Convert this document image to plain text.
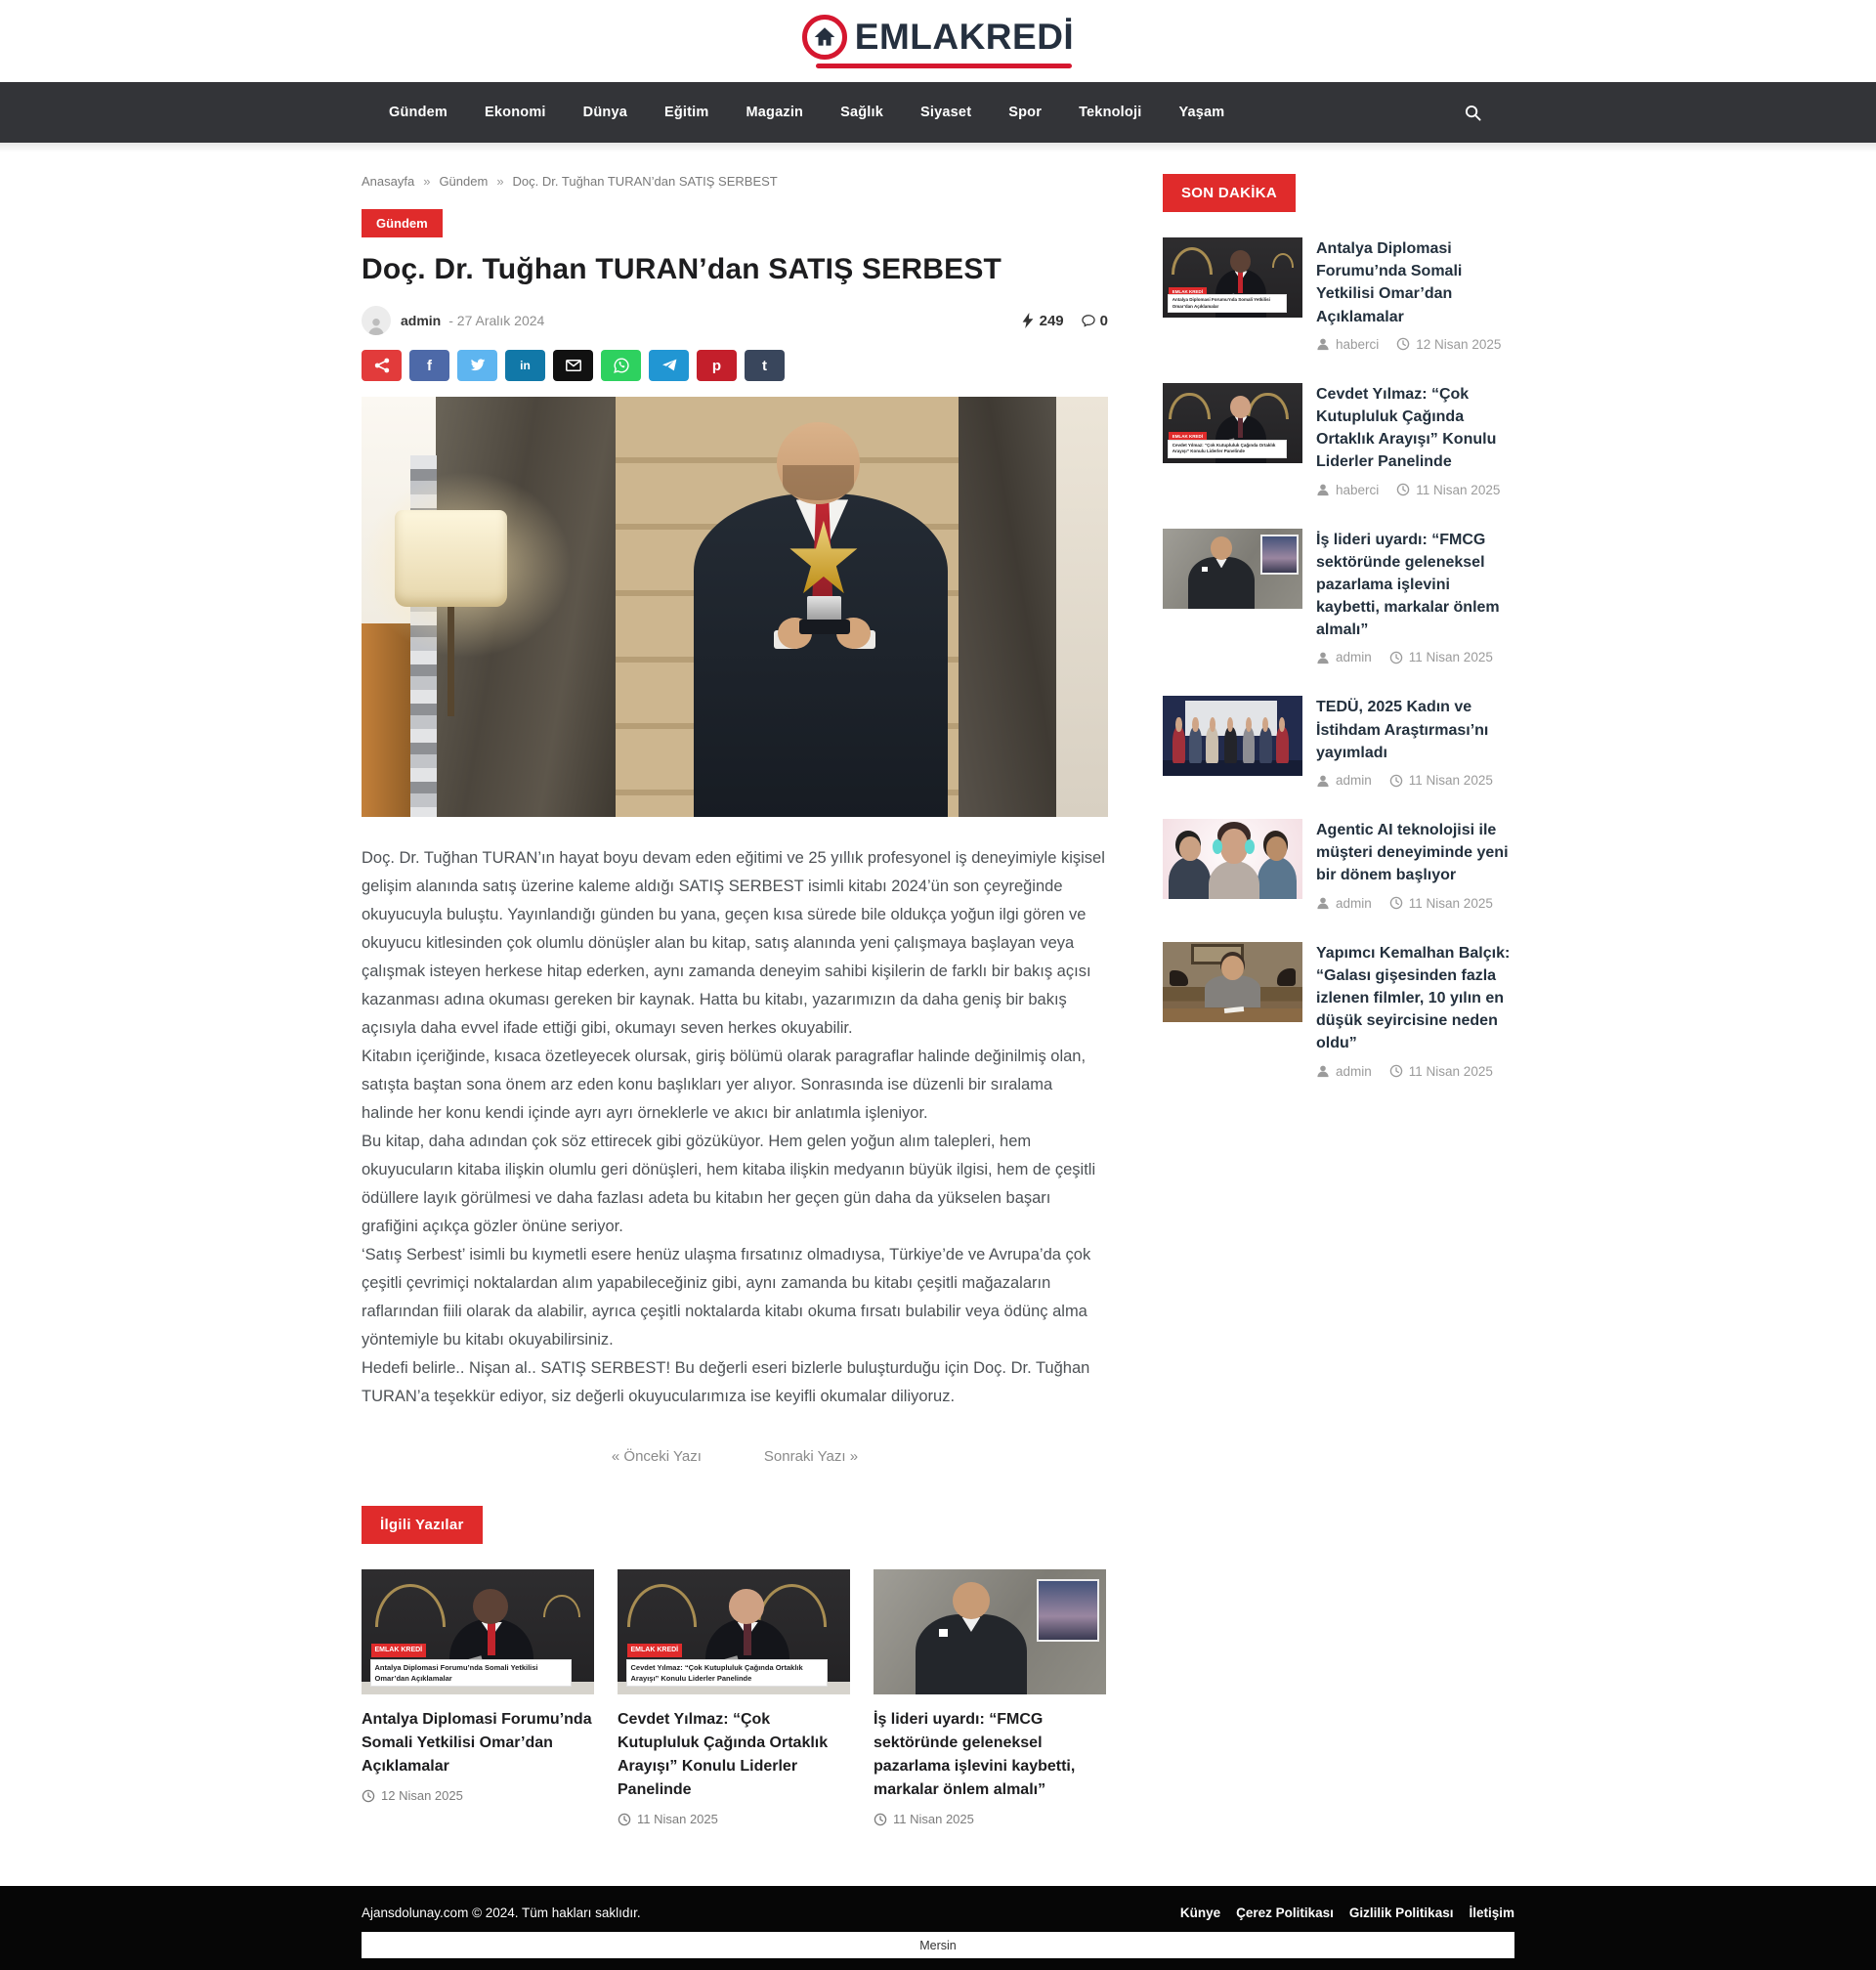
EMLAKREDİ
Gündem	Ekonomi	Dünya	Eğitim	Magazin	Sağlık	Siyaset	Spor	Teknoloji	Yaşam
Anasayfa » Gündem » Doç. Dr. Tuğhan TURAN’dan SATIŞ SERBEST
Gündem
Doç. Dr. Tuğhan TURAN’dan SATIŞ SERBEST
admin - 27 Aralık 2024	249 0
f	in	p	t

Doç. Dr. Tuğhan TURAN’ın hayat boyu devam eden eğitimi ve 25 yıllık profesyonel iş deneyimiyle kişisel gelişim alanında satış üzerine kaleme aldığı SATIŞ SERBEST isimli kitabı 2024’ün son çeyreğinde okuyucuyla buluştu. Yayınlandığı günden bu yana, geçen kısa sürede bile oldukça yoğun ilgi gören ve okuyucu kitlesinden çok olumlu dönüşler alan bu kitap, satış alanında yeni çalışmaya başlayan veya çalışmak isteyen herkese hitap ederken, aynı zamanda deneyim sahibi kişilerin de farklı bir bakış açısı kazanması adına okuması gereken bir kaynak. Hatta bu kitabı, yazarımızın da daha geniş bir bakış açısıyla daha evvel ifade ettiği gibi, okumayı seven herkes okuyabilir.

Kitabın içeriğinde, kısaca özetleyecek olursak, giriş bölümü olarak paragraflar halinde değinilmiş olan, satışta baştan sona önem arz eden konu başlıkları yer alıyor. Sonrasında ise düzenli bir sıralama halinde her konu kendi içinde ayrı ayrı örneklerle ve akıcı bir anlatımla işleniyor.

Bu kitap, daha adından çok söz ettirecek gibi gözüküyor. Hem gelen yoğun alım talepleri, hem okuyucuların kitaba ilişkin olumlu geri dönüşleri, hem kitaba ilişkin medyanın büyük ilgisi, hem de çeşitli ödüllere layık görülmesi ve daha fazlası adeta bu kitabın her geçen gün daha da yükselen başarı grafiğini açıkça gözler önüne seriyor.

‘Satış Serbest’ isimli bu kıymetli esere henüz ulaşma fırsatınız olmadıysa, Türkiye’de ve Avrupa’da çok çeşitli çevrimiçi noktalardan alım yapabileceğiniz gibi, aynı zamanda bu kitabı çeşitli mağazaların raflarından fiili olarak da alabilir, ayrıca çeşitli noktalarda kitabı okuma fırsatı bulabilir veya ödünç alma yöntemiyle bu kitabı okuyabilirsiniz.

Hedefi belirle.. Nişan al.. SATIŞ SERBEST! Bu değerli eseri bizlerle buluşturduğu için Doç. Dr. Tuğhan TURAN’a teşekkür ediyor, siz değerli okuyucularımıza ise keyifli okumalar diliyoruz.

« Önceki Yazı	Sonraki Yazı »
İlgili Yazılar
EMLAK KREDİ
Antalya Diplomasi Forumu’nda Somali Yetkilisi Omar’dan Açıklamalar
Antalya Diplomasi Forumu’nda Somali Yetkilisi Omar’dan Açıklamalar
12 Nisan 2025
EMLAK KREDİ
Cevdet Yılmaz: “Çok Kutupluluk Çağında Ortaklık Arayışı” Konulu Liderler Panelinde
Cevdet Yılmaz: “Çok Kutupluluk Çağında Ortaklık Arayışı” Konulu Liderler Panelinde
11 Nisan 2025
İş lideri uyardı: “FMCG sektöründe geleneksel pazarlama işlevini kaybetti, markalar önlem almalı”
11 Nisan 2025
SON DAKİKA
EMLAK KREDİ
Antalya Diplomasi Forumu’nda Somali Yetkilisi Omar’dan Açıklamalar
Antalya Diplomasi Forumu’nda Somali Yetkilisi Omar’dan Açıklamalar
haberci	12 Nisan 2025
EMLAK KREDİ
Cevdet Yılmaz: “Çok Kutupluluk Çağında Ortaklık Arayışı” Konulu Liderler Panelinde
Cevdet Yılmaz: “Çok Kutupluluk Çağında Ortaklık Arayışı” Konulu Liderler Panelinde
haberci	11 Nisan 2025
İş lideri uyardı: “FMCG sektöründe geleneksel pazarlama işlevini kaybetti, markalar önlem almalı”
admin	11 Nisan 2025
TEDÜ, 2025 Kadın ve İstihdam Araştırması’nı yayımladı
admin	11 Nisan 2025
Agentic AI teknolojisi ile müşteri deneyiminde yeni bir dönem başlıyor
admin	11 Nisan 2025
Yapımcı Kemalhan Balçık: “Galası gişesinden fazla izlenen filmler, 10 yılın en düşük seyircisine neden oldu”
admin	11 Nisan 2025
Ajansdolunay.com © 2024. Tüm hakları saklıdır.	Künye Çerez Politikası Gizlilik Politikası İletişim
Mersin
